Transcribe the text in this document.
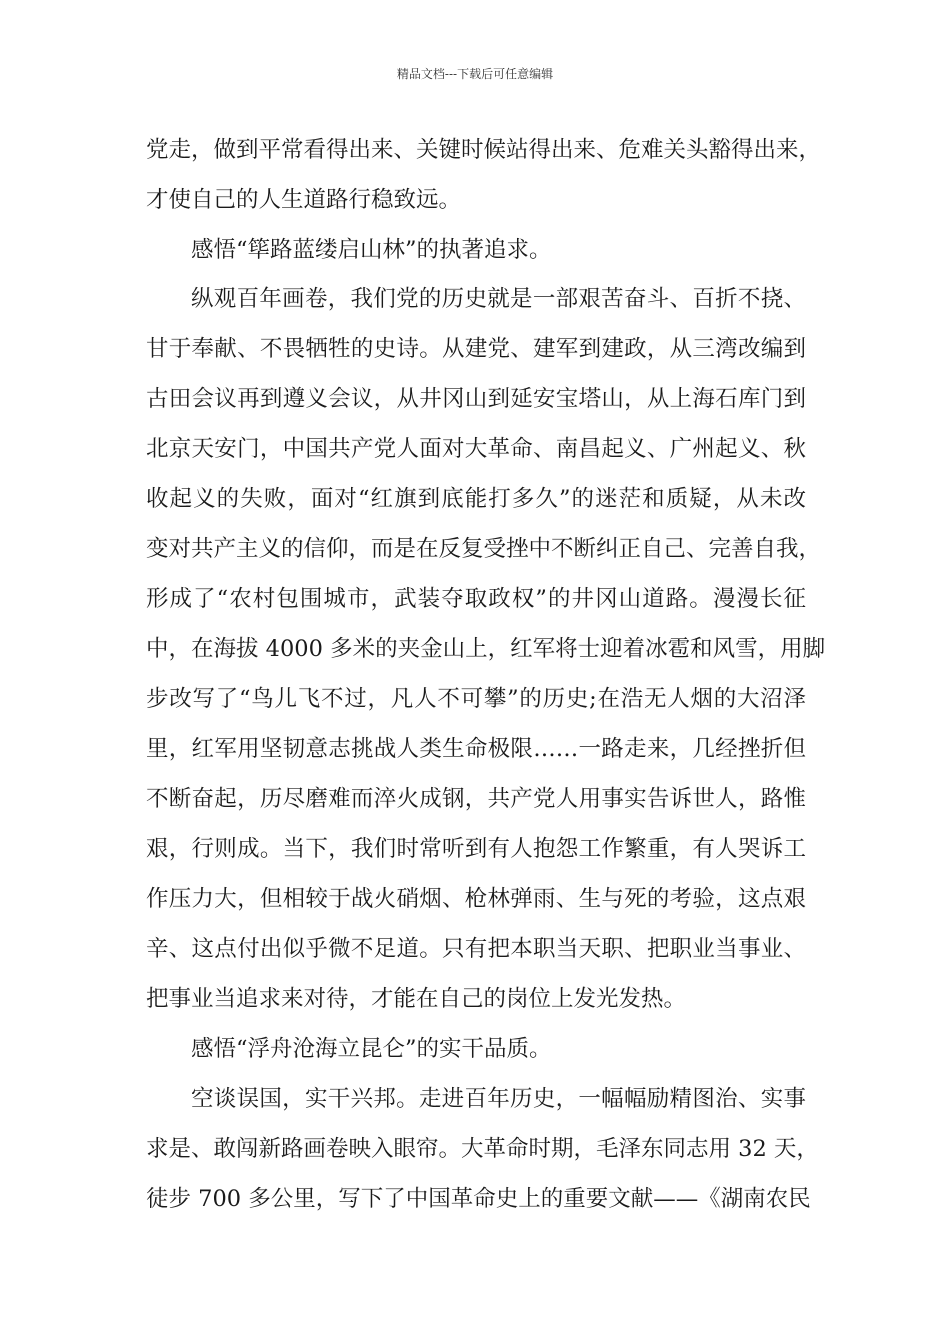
精品文档---下载后可任意编辑
党走，做到平常看得出来、关键时候站得出来、危难关头豁得出来，
才使自己的人生道路行稳致远。
感悟“筚路蓝缕启山林”的执著追求。
纵观百年画卷，我们党的历史就是一部艰苦奋斗、百折不挠、
甘于奉献、不畏牺牲的史诗。从建党、建军到建政，从三湾改编到
古田会议再到遵义会议，从井冈山到延安宝塔山，从上海石库门到
北京天安门，中国共产党人面对大革命、南昌起义、广州起义、秋
收起义的失败，面对“红旗到底能打多久”的迷茫和质疑，从未改
变对共产主义的信仰，而是在反复受挫中不断纠正自己、完善自我，
形成了“农村包围城市，武装夺取政权”的井冈山道路。漫漫长征
中，在海拔 4000 多米的夹金山上，红军将士迎着冰雹和风雪，用脚
步改写了“鸟儿飞不过，凡人不可攀”的历史;在浩无人烟的大沼泽
里，红军用坚韧意志挑战人类生命极限……一路走来，几经挫折但
不断奋起，历尽磨难而淬火成钢，共产党人用事实告诉世人，路惟
艰，行则成。当下，我们时常听到有人抱怨工作繁重，有人哭诉工
作压力大，但相较于战火硝烟、枪林弹雨、生与死的考验，这点艰
辛、这点付出似乎微不足道。只有把本职当天职、把职业当事业、
把事业当追求来对待，才能在自己的岗位上发光发热。
感悟“浮舟沧海立昆仑”的实干品质。
空谈误国，实干兴邦。走进百年历史，一幅幅励精图治、实事
求是、敢闯新路画卷映入眼帘。大革命时期，毛泽东同志用 32 天，
徒步 700 多公里，写下了中国革命史上的重要文献——《湖南农民
